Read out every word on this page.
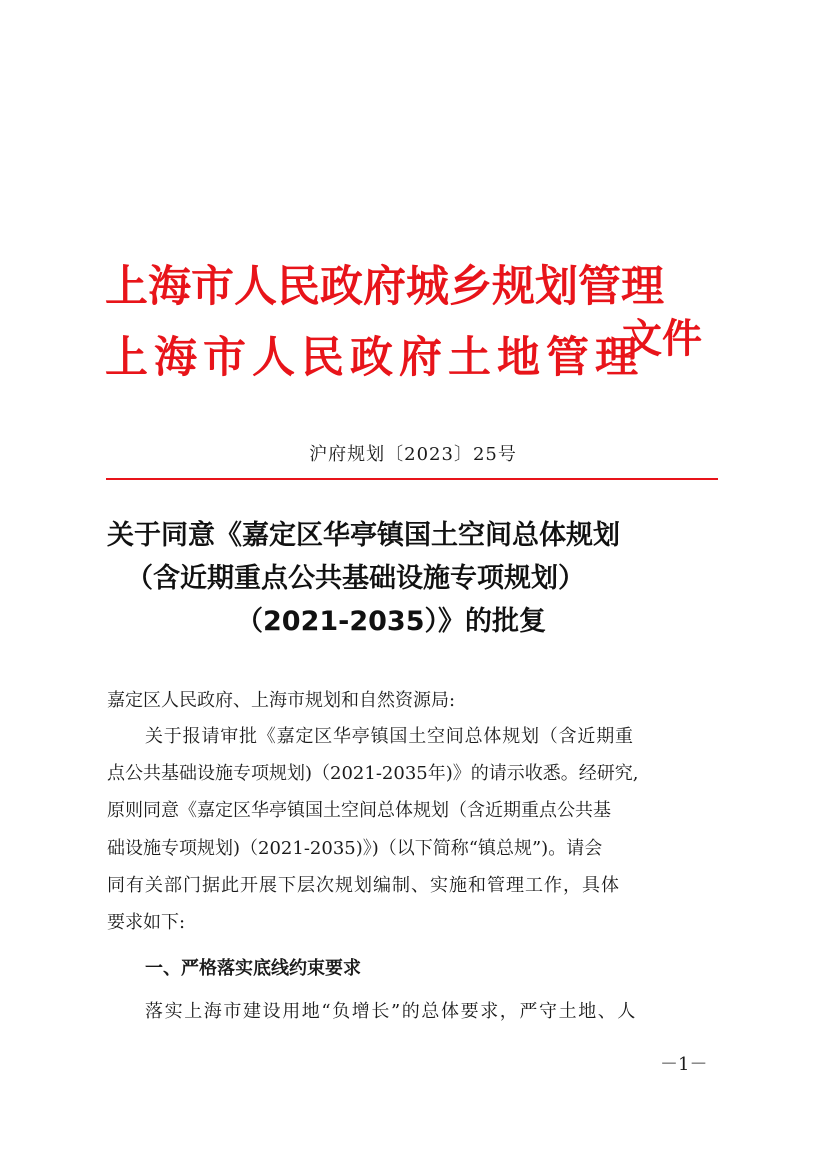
上海市人民政府城乡规划管理
上海市人民政府土地管理
文件
沪府规划〔2023〕25号
关于同意《嘉定区华亭镇国土空间总体规划
（含近期重点公共基础设施专项规划）
（2021-2035）》的批复
嘉定区人民政府、上海市规划和自然资源局:
关于报请审批《嘉定区华亭镇国土空间总体规划（含近期重
点公共基础设施专项规划)（2021-2035年)》的请示收悉。经研究,
原则同意《嘉定区华亭镇国土空间总体规划（含近期重点公共基
础设施专项规划)（2021-2035)》)（以下简称“镇总规”)。请会
同有关部门据此开展下层次规划编制、实施和管理工作，具体
要求如下:
一、严格落实底线约束要求
落实上海市建设用地“负增长”的总体要求，严守土地、人
－1－
